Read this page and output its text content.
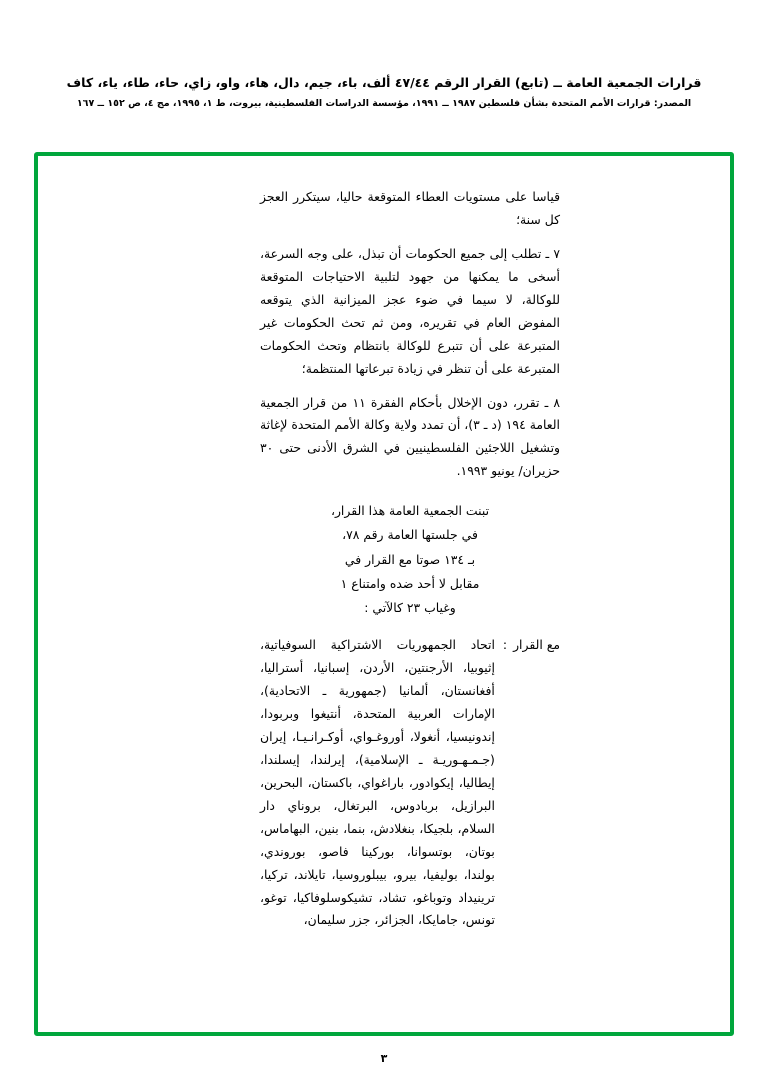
قرارات الجمعية العامة ــ (تابع) القرار الرقم ٤٧/٤٤ ألف، باء، جيم، دال، هاء، واو، زاي، حاء، طاء، ياء، كاف
المصدر: قرارات الأمم المتحدة بشأن فلسطين ١٩٨٧ ــ ١٩٩١، مؤسسة الدراسات الفلسطينية، بيروت، ط ١، ١٩٩٥، مج ٤، ص ١٥٢ ــ ١٦٧

قياسا على مستويات العطاء المتوقعة حاليا، سيتكرر العجز كل سنة؛

٧ ـ تطلب إلى جميع الحكومات أن تبذل، على وجه السرعة، أسخى ما يمكنها من جهود لتلبية الاحتياجات المتوقعة للوكالة، لا سيما في ضوء عجز الميزانية الذي يتوقعه المفوض العام في تقريره، ومن ثم تحث الحكومات غير المتبرعة على أن تتبرع للوكالة بانتظام وتحث الحكومات المتبرعة على أن تنظر في زيادة تبرعاتها المنتظمة؛

٨ ـ تقرر، دون الإخلال بأحكام الفقرة ١١ من قرار الجمعية العامة ١٩٤ (د ـ ٣)، أن تمدد ولاية وكالة الأمم المتحدة لإغاثة وتشغيل اللاجئين الفلسطينيين في الشرق الأدنى حتى ٣٠ حزيران/ يونيو ١٩٩٣.

تبنت الجمعية العامة هذا القرار،
في جلستها العامة رقم ٧٨،
بـ ١٣٤ صوتا مع القرار في
مقابل لا أحد ضده وامتناع ١
وغياب ٢٣ كالآتي :
مع القرار
:

اتحاد الجمهوريات الاشتراكية السوفياتية، إثيوبيا، الأرجنتين، الأردن، إسبانيا، أستراليا، أفغانستان، ألمانيا (جمهورية ـ الاتحادية)، الإمارات العربية المتحدة، أنتيغوا وبربودا، إندونيسيا، أنغولا، أوروغـواي، أوكـرانـيـا، إيران (جـمـهـوريـة ـ الإسلامية)، إيرلندا، إيسلندا، إيطاليا، إيكوادور، باراغواي، باكستان، البحرين، البرازيل، بربادوس، البرتغال، بروناي دار السلام، بلجيكا، بنغلادش، بنما، بنين، البهاماس، بوتان، بوتسوانا، بوركينا فاصو، بوروندي، بولندا، بوليفيا، بيرو، بيبلوروسيا، تايلاند، تركيا، ترينيداد وتوباغو، تشاد، تشيكوسلوفاكيا، توغو، تونس، جامايكا، الجزائر، جزر سليمان،

٣
